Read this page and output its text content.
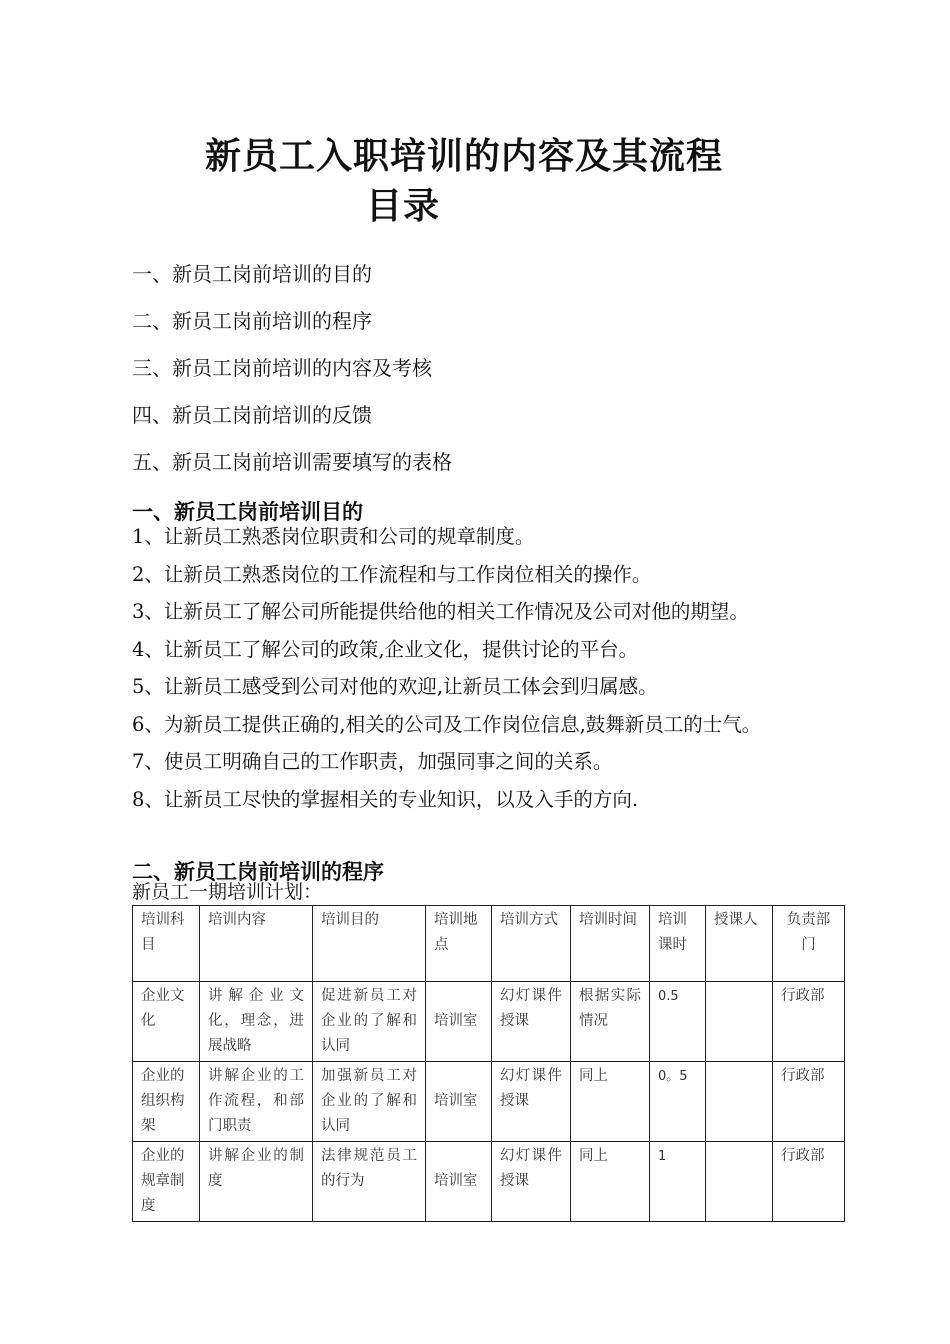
新员工入职培训的内容及其流程
目录
一、新员工岗前培训的目的
二、新员工岗前培训的程序
三、新员工岗前培训的内容及考核
四、新员工岗前培训的反馈
五、新员工岗前培训需要填写的表格
一、新员工岗前培训目的
1、让新员工熟悉岗位职责和公司的规章制度。
2、让新员工熟悉岗位的工作流程和与工作岗位相关的操作。
3、让新员工了解公司所能提供给他的相关工作情况及公司对他的期望。
4、让新员工了解公司的政策,企业文化，提供讨论的平台。
5、让新员工感受到公司对他的欢迎,让新员工体会到归属感。
6、为新员工提供正确的,相关的公司及工作岗位信息,鼓舞新员工的士气。
7、使员工明确自己的工作职责，加强同事之间的关系。
8、让新员工尽快的掌握相关的专业知识，以及入手的方向.
二、新员工岗前培训的程序

新员工一期培训计划：

培训科目	培训内容	培训目的	培训地点	培训方式	培训时间	培训课时	授课人	负责部门
企业文化	讲解企业文化，理念，进展战略	促进新员工对企业的了解和认同	培训室	幻灯课件授课	根据实际情况	0.5		行政部
企业的组织构架	讲解企业的工作流程，和部门职责	加强新员工对企业的了解和认同	培训室	幻灯课件授课	同上	0。5		行政部
企业的规章制度	讲解企业的制度	法律规范员工的行为	培训室	幻灯课件授课	同上	1		行政部
